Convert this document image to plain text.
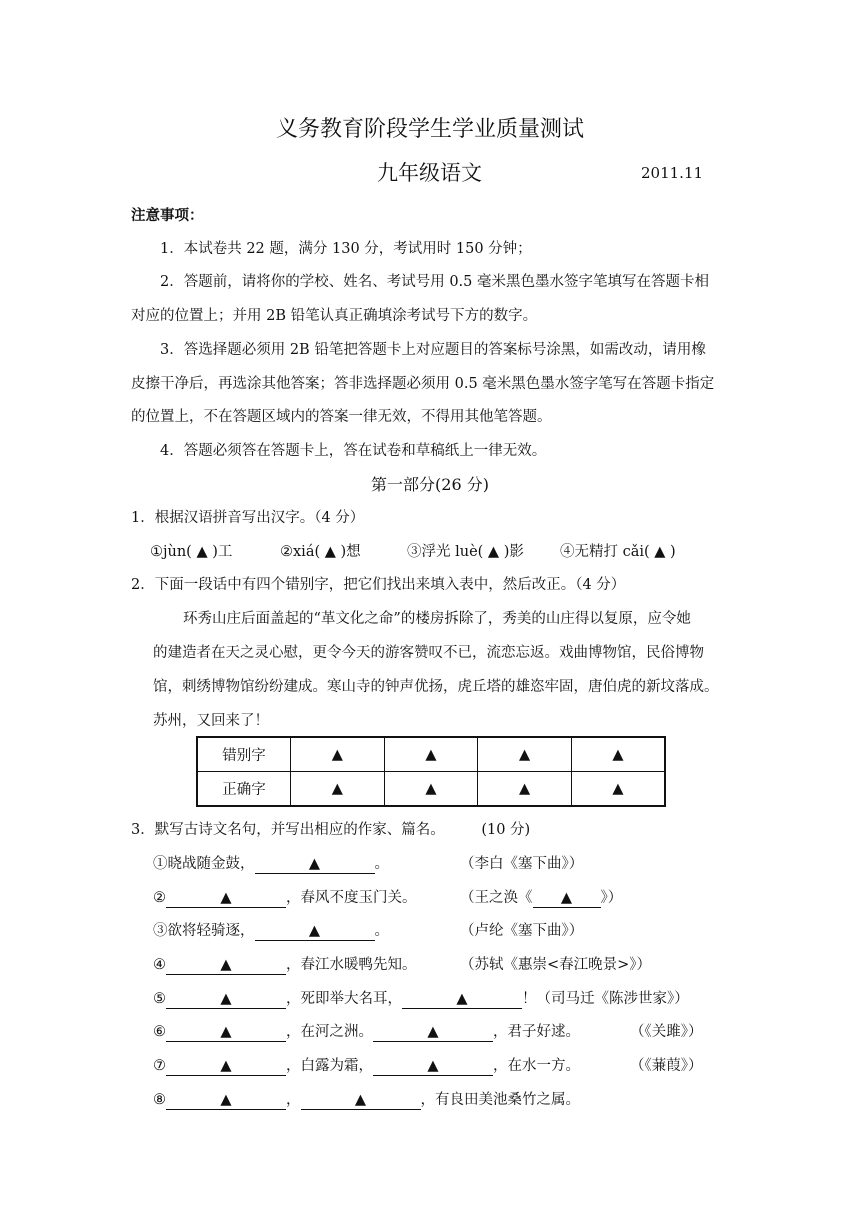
义务教育阶段学生学业质量测试
九年级语文	2011.11
注意事项：
1．本试卷共 22 题，满分 130 分，考试用时 150 分钟；
2．答题前，请将你的学校、姓名、考试号用 0.5 毫米黑色墨水签字笔填写在答题卡相
对应的位置上；并用 2B 铅笔认真正确填涂考试号下方的数字。
3．答选择题必须用 2B 铅笔把答题卡上对应题目的答案标号涂黑，如需改动，请用橡
皮擦干净后，再选涂其他答案；答非选择题必须用 0.5 毫米黑色墨水签字笔写在答题卡指定
的位置上，不在答题区域内的答案一律无效，不得用其他笔答题。
4．答题必须答在答题卡上，答在试卷和草稿纸上一律无效。
第一部分(26 分)
1．根据汉语拼音写出汉字。（4 分）
①jùn( ▲ )工	②xiá( ▲ )想	③浮光 luè( ▲ )影 ④无精打 cǎi( ▲ )
2．下面一段话中有四个错别字，把它们找出来填入表中，然后改正。（4 分）
环秀山庄后面盖起的“革文化之命”的楼房拆除了，秀美的山庄得以复原，应令她
的建造者在天之灵心慰，更令今天的游客赞叹不已，流恋忘返。戏曲博物馆，民俗博物
馆，刺绣博物馆纷纷建成。寒山寺的钟声优扬，虎丘塔的雄恣牢固，唐伯虎的新坟落成。
苏州，又回来了！
错别字	▲	▲	▲	▲
正确字	▲	▲	▲	▲
3．默写古诗文名句，并写出相应的作家、篇名。	(10 分)
①晓战随金鼓，	▲	。	（李白《塞下曲》）
②	▲	，春风不度玉门关。	（王之涣《 ▲ 》）
③欲将轻骑逐，	▲	。	（卢纶《塞下曲》）
④	▲	，春江水暖鸭先知。	（苏轼《惠崇<春江晚景>》）
⑤	▲	，死即举大名耳，	▲	！（司马迁《陈涉世家》）
⑥	▲	，在河之洲。	▲	，君子好逑。	（《关雎》）
⑦	▲	，白露为霜，	▲	，在水一方。	（《蒹葭》）
⑧	▲	，	▲	，有良田美池桑竹之属。
